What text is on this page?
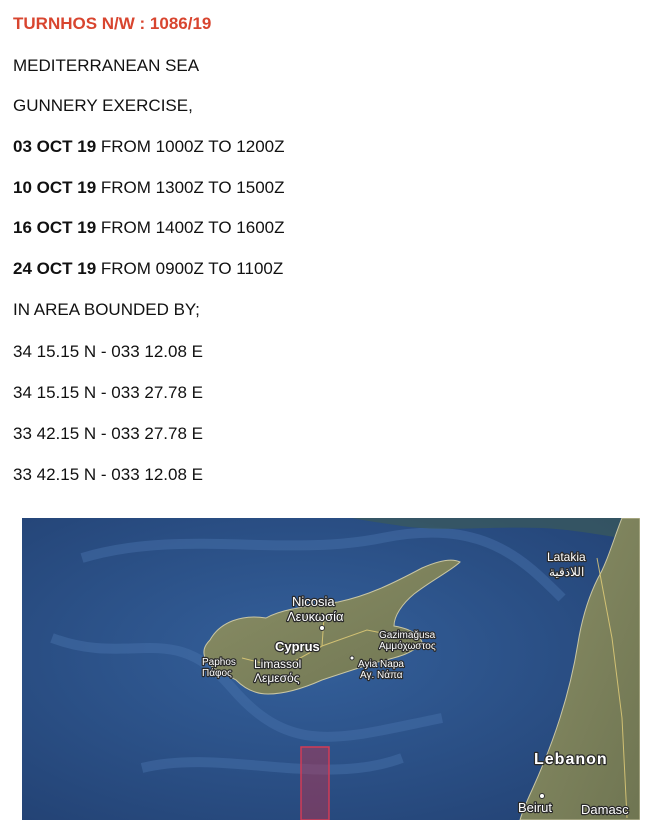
TURNHOS N/W : 1086/19
MEDITERRANEAN SEA
GUNNERY EXERCISE,
03 OCT 19 FROM 1000Z TO 1200Z
10 OCT 19 FROM 1300Z TO 1500Z
16 OCT 19 FROM 1400Z TO 1600Z
24 OCT 19 FROM 0900Z TO 1100Z
IN AREA BOUNDED BY;
34 15.15 N - 033 12.08 E
34 15.15 N - 033 27.78 E
33 42.15 N - 033 27.78 E
33 42.15 N - 033 12.08 E
Nicosia
Λευκωσία
Cyprus
Gazimağusa
Αμμόχωστος
Paphos
Πάφος
Limassol
Λεμεσός
Ayia Napa
Αγ. Νάπα
Latakia
اللاذقية
Lebanon
Beirut Damasc
